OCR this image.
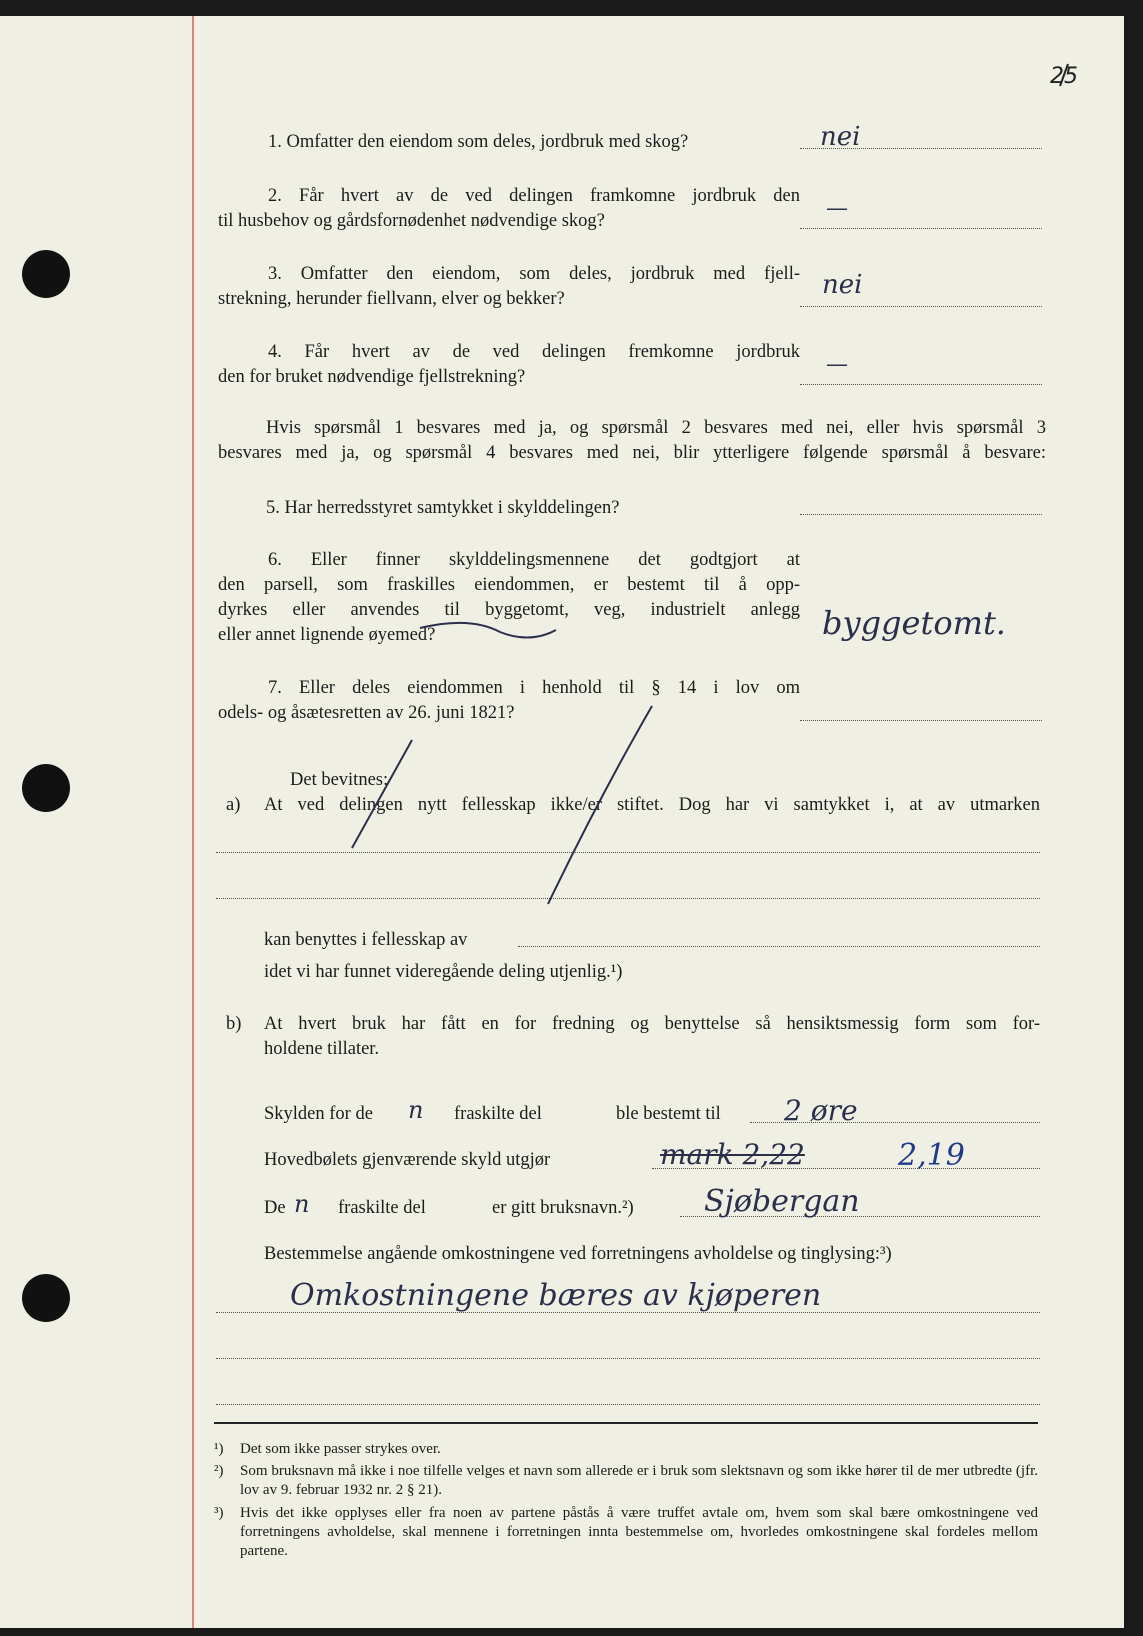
25
1. Omfatter den eiendom som deles, jordbruk med skog?	nei
2. Får hvert av de ved delingen framkomne jordbruk den
til husbehov og gårdsfornødenhet nødvendige skog?	—
3. Omfatter den eiendom, som deles, jordbruk med fjell-
strekning, herunder fiellvann, elver og bekker?	nei
4. Får hvert av de ved delingen fremkomne jordbruk
den for bruket nødvendige fjellstrekning?	—
Hvis spørsmål 1 besvares med ja, og spørsmål 2 besvares med nei, eller hvis spørsmål 3
besvares med ja, og spørsmål 4 besvares med nei, blir ytterligere følgende spørsmål å besvare:
5. Har herredsstyret samtykket i skylddelingen?
6. Eller finner skylddelingsmennene det godtgjort at
den parsell, som fraskilles eiendommen, er bestemt til å opp-
dyrkes eller anvendes til byggetomt, veg, industrielt anlegg
eller annet lignende øyemed?	byggetomt.
7. Eller deles eiendommen i henhold til § 14 i lov om
odels- og åsætesretten av 26. juni 1821?
Det bevitnes:
a) At ved delingen nytt fellesskap ikke/er stiftet. Dog har vi samtykket i, at av utmarken
kan benyttes i fellesskap av
idet vi har funnet videregående deling utjenlig.¹)
b) At hvert bruk har fått en for fredning og benyttelse så hensiktsmessig form som for-
holdene tillater.
Skylden for de n fraskilte del	ble bestemt til 2 øre
Hovedbølets gjenværende skyld utgjør	mark 2,22	2,19
De n fraskilte del	er gitt bruksnavn.²) Sjøbergan
Bestemmelse angående omkostningene ved forretningens avholdelse og tinglysing:³)
Omkostningene bæres av kjøperen
¹)	Det som ikke passer strykes over.
²)	Som bruksnavn må ikke i noe tilfelle velges et navn som allerede er i bruk som slektsnavn og som ikke hører til de mer utbredte (jfr. lov av 9. februar 1932 nr. 2 § 21).
³)	Hvis det ikke opplyses eller fra noen av partene påstås å være truffet avtale om, hvem som skal bære omkostningene ved forretningens avholdelse, skal mennene i forretningen innta bestemmelse om, hvorledes omkostningene skal fordeles mellom partene.
